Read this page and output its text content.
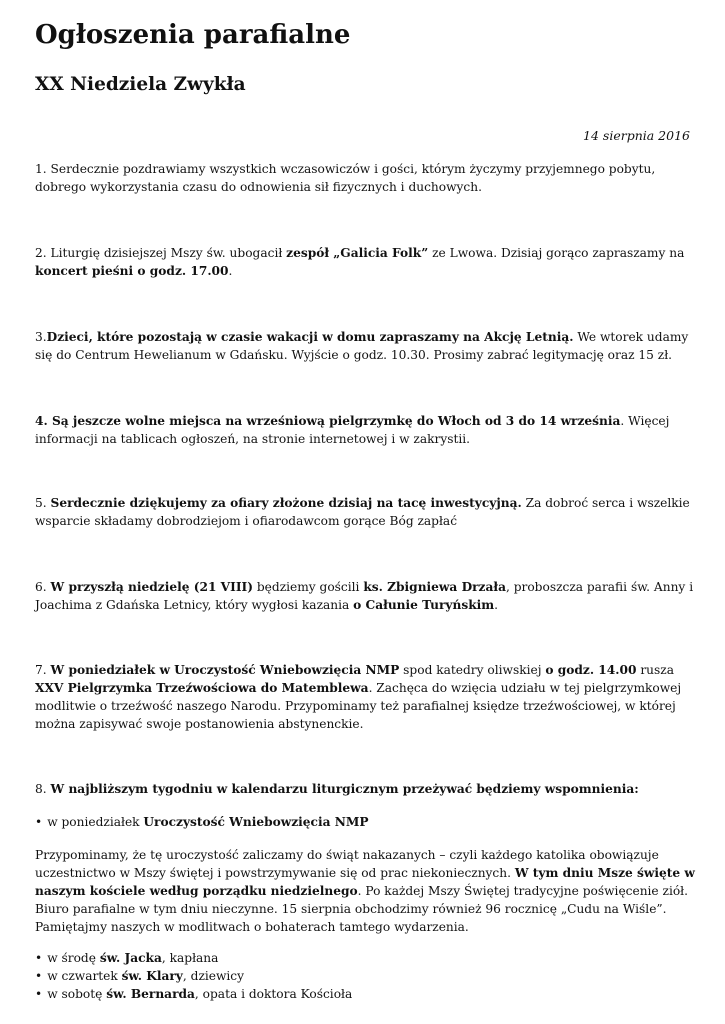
Ogłoszenia parafialne
XX Niedziela Zwykła

14 sierpnia 2016

1. Serdecznie pozdrawiamy wszystkich wczasowiczów i gości, którym życzymy przyjemnego pobytu, dobrego wykorzystania czasu do odnowienia sił fizycznych i duchowych.

2. Liturgię dzisiejszej Mszy św. ubogacił zespół „Galicia Folk” ze Lwowa. Dzisiaj gorąco zapraszamy na koncert pieśni o godz. 17.00.

3.Dzieci, które pozostają w czasie wakacji w domu zapraszamy na Akcję Letnią. We wtorek udamy się do Centrum Hewelianum w Gdańsku. Wyjście o godz. 10.30. Prosimy zabrać legitymację oraz 15 zł.

4. Są jeszcze wolne miejsca na wrześniową pielgrzymkę do Włoch od 3 do 14 września. Więcej informacji na tablicach ogłoszeń, na stronie internetowej i w zakrystii.

5. Serdecznie dziękujemy za ofiary złożone dzisiaj na tacę inwestycyjną. Za dobroć serca i wszelkie wsparcie składamy dobrodziejom i ofiarodawcom gorące Bóg zapłać

6. W przyszłą niedzielę (21 VIII) będziemy gościli ks. Zbigniewa Drzała, proboszcza parafii św. Anny i Joachima z Gdańska Letnicy, który wygłosi kazania o Całunie Turyńskim.

7. W poniedziałek w Uroczystość Wniebowzięcia NMP spod katedry oliwskiej o godz. 14.00 rusza XXV Pielgrzymka Trzeźwościowa do Matemblewa. Zachęca do wzięcia udziału w tej pielgrzymkowej modlitwie o trzeźwość naszego Narodu. Przypominamy też parafialnej księdze trzeźwościowej, w której można zapisywać swoje postanowienia abstynenckie.

8. W najbliższym tygodniu w kalendarzu liturgicznym przeżywać będziemy wspomnienia:

• w poniedziałek Uroczystość Wniebowzięcia NMP

Przypominamy, że tę uroczystość zaliczamy do świąt nakazanych – czyli każdego katolika obowiązuje uczestnictwo w Mszy świętej i powstrzymywanie się od prac niekoniecznych. W tym dniu Msze święte w naszym kościele według porządku niedzielnego. Po każdej Mszy Świętej tradycyjne poświęcenie ziół. Biuro parafialne w tym dniu nieczynne. 15 sierpnia obchodzimy również 96 rocznicę „Cudu na Wiśle”. Pamiętajmy naszych w modlitwach o bohaterach tamtego wydarzenia.

• w środę św. Jacka, kapłana

• w czwartek św. Klary, dziewicy

• w sobotę św. Bernarda, opata i doktora Kościoła
